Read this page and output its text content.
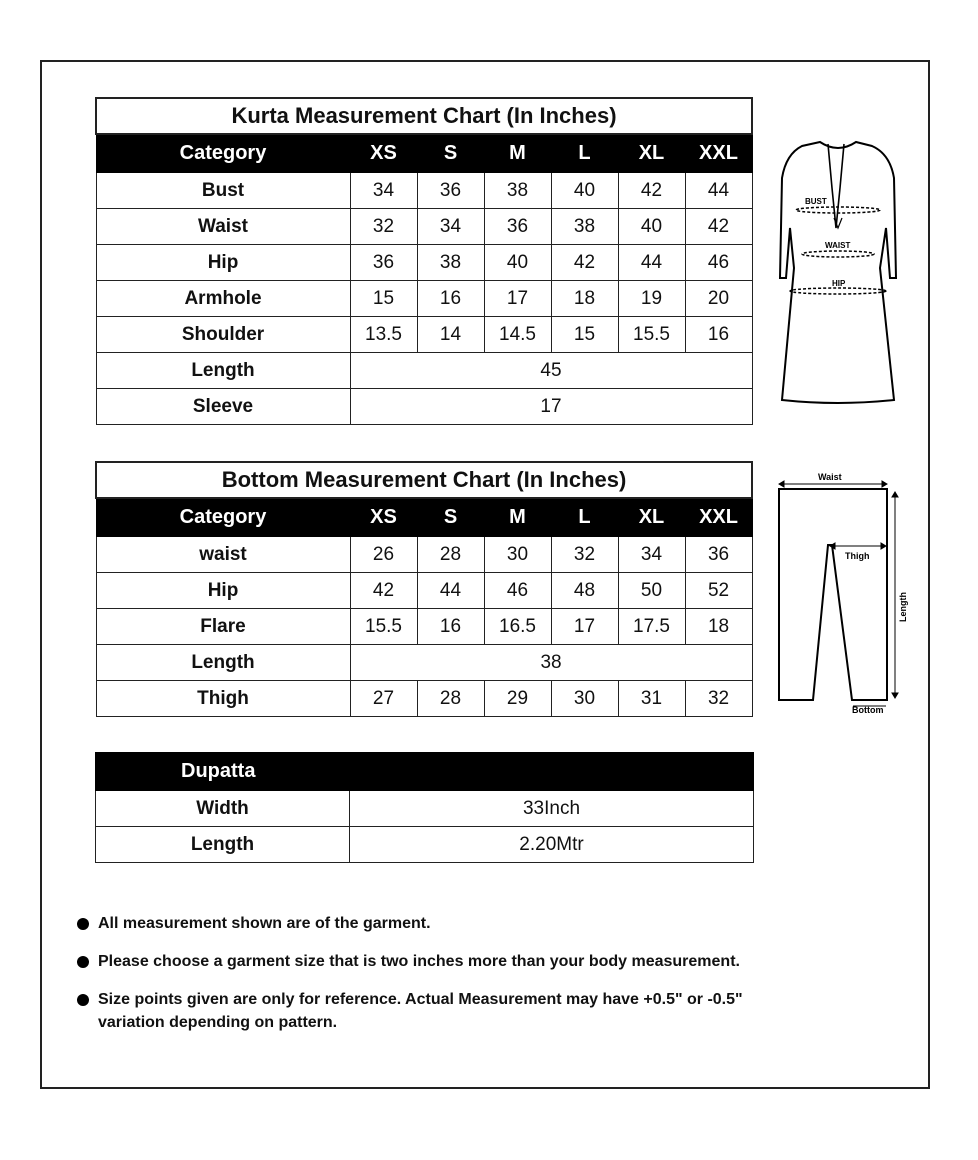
Kurta Measurement Chart (In Inches)						
Category	XS	S	M	L	XL	XXL
Bust	34	36	38	40	42	44
Waist	32	34	36	38	40	42
Hip	36	38	40	42	44	46
Armhole	15	16	17	18	19	20
Shoulder	13.5	14	14.5	15	15.5	16
Length	45					
Sleeve	17					
BUST
WAIST
HIP
Bottom Measurement Chart (In Inches)						
Category	XS	S	M	L	XL	XXL
waist	26	28	30	32	34	36
Hip	42	44	46	48	50	52
Flare	15.5	16	16.5	17	17.5	18
Length	38					
Thigh	27	28	29	30	31	32
Waist
Thigh
Length
Bottom
Dupatta	
Width	33Inch
Length	2.20Mtr
All measurement shown are of the garment.
Please choose a garment size that is two inches more than your body measurement.
Size points given are only for reference. Actual Measurement may have +0.5" or -0.5" variation depending on pattern.
